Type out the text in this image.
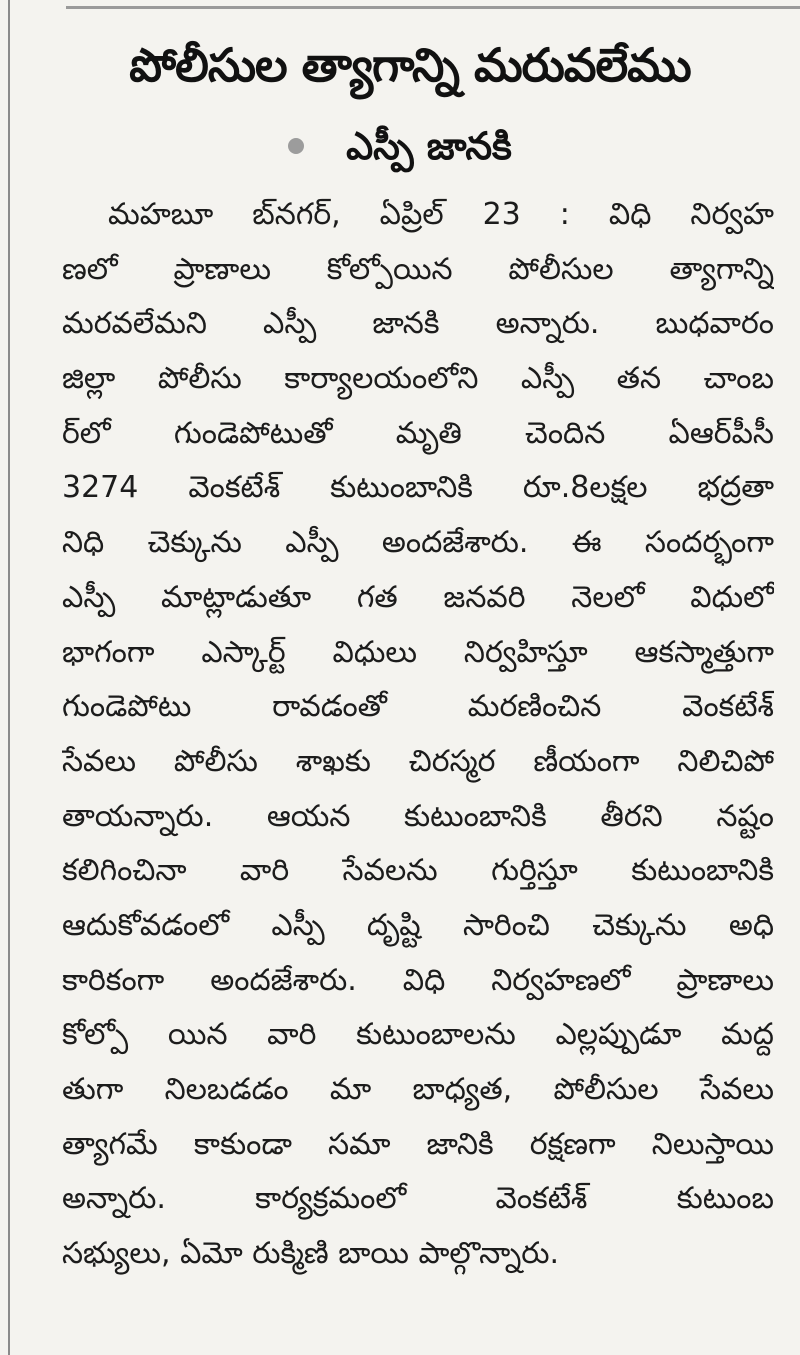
పోలీసుల త్యాగాన్ని మరువలేము
ఎస్పీ జానకి
మహబూ బ్‌నగర్, ఏప్రిల్ 23 : విధి నిర్వహ
ణలో ప్రాణాలు కోల్పోయిన పోలీసుల త్యాగాన్ని
మరవలేమని ఎస్పీ జానకి అన్నారు. బుధవారం
జిల్లా పోలీసు కార్యాలయంలోని ఎస్పీ తన చాంబ
ర్‌లో గుండెపోటుతో మృతి చెందిన ఏఆర్‌పీసీ
3274 వెంకటేశ్ కుటుంబానికి రూ.8లక్షల భద్రతా
నిధి చెక్కును ఎస్పీ అందజేశారు. ఈ సందర్భంగా
ఎస్పీ మాట్లాడుతూ గత జనవరి నెలలో విధులో
భాగంగా ఎస్కార్ట్ విధులు నిర్వహిస్తూ ఆకస్మాత్తుగా
గుండెపోటు రావడంతో మరణించిన వెంకటేశ్
సేవలు పోలీసు శాఖకు చిరస్మర ణీయంగా నిలిచిపో
తాయన్నారు. ఆయన కుటుంబానికి తీరని నష్టం
కలిగించినా వారి సేవలను గుర్తిస్తూ కుటుంబానికి
ఆదుకోవడంలో ఎస్పీ దృష్టి సారించి చెక్కును అధి
కారికంగా అందజేశారు. విధి నిర్వహణలో ప్రాణాలు
కోల్పో యిన వారి కుటుంబాలను ఎల్లప్పుడూ మద్ద
తుగా నిలబడడం మా బాధ్యత, పోలీసుల సేవలు
త్యాగమే కాకుండా సమా జానికి రక్షణగా నిలుస్తాయి
అన్నారు. కార్యక్రమంలో వెంకటేశ్ కుటుంబ
సభ్యులు, ఏమో రుక్మిణి బాయి పాల్గొన్నారు.
